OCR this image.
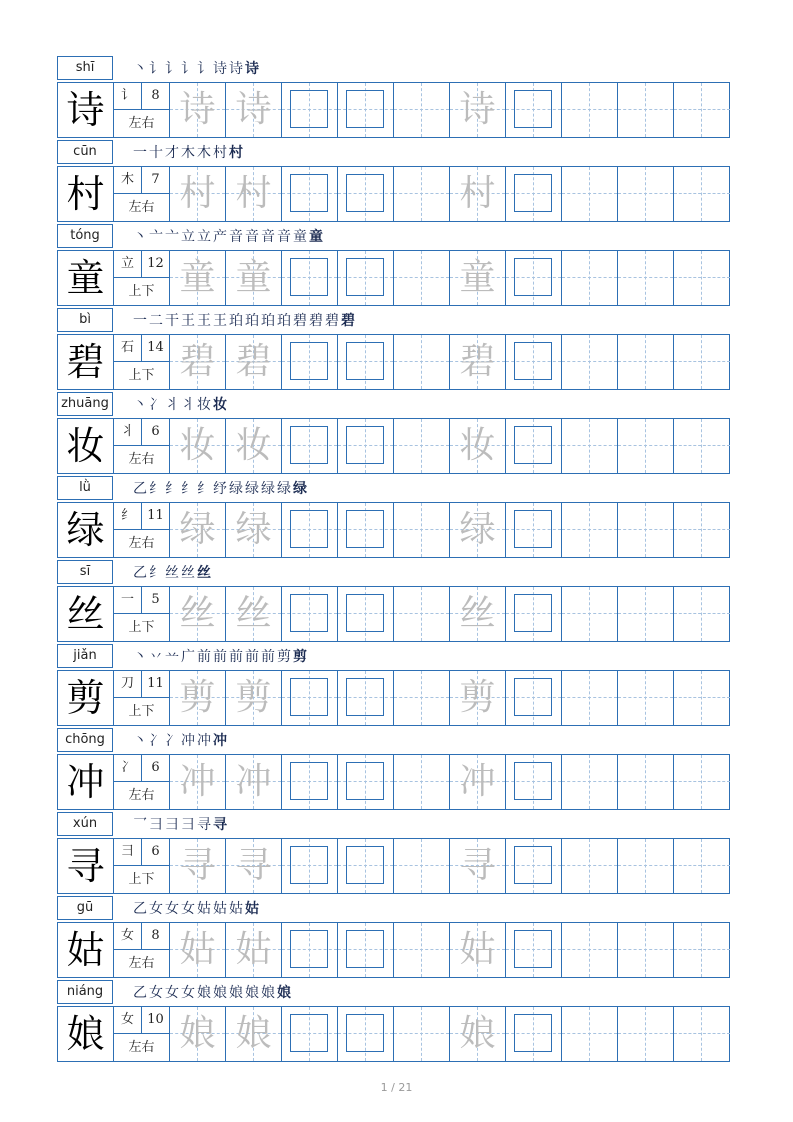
shī	丶讠讠讠讠诗诗诗
诗	讠	8
左右 诗 诗	诗
cūn	一十才木木村村
村	木	7
左右 村 村	村
tóng	丶亠亠立立产音音音音童童
童	立	12
上下 童 童	童
bì	一二干王王王珀珀珀珀碧碧碧碧
碧	石	14
上下 碧 碧	碧
zhuāng 丶冫丬丬妆妆
妆	丬	6
左右 妆 妆	妆
lǜ	乙纟纟纟纟纾绿绿绿绿绿
绿	纟	11
左右 绿 绿	绿
sī	乙纟丝丝丝
丝	一	5
上下 丝 丝	丝
jiǎn	丶丷䒑广前前前前前剪剪
剪	刀	11
上下 剪 剪	剪
chōng	丶冫冫冲冲冲
冲	冫	6
左右 冲 冲	冲
xún	乛彐彐彐寻寻
寻	彐	6
上下 寻 寻	寻
gū	乙女女女姑姑姑姑
姑	女	8
左右 姑 姑	姑
niáng	乙女女女娘娘娘娘娘娘
娘	女	10
左右 娘 娘	娘
1 / 21
